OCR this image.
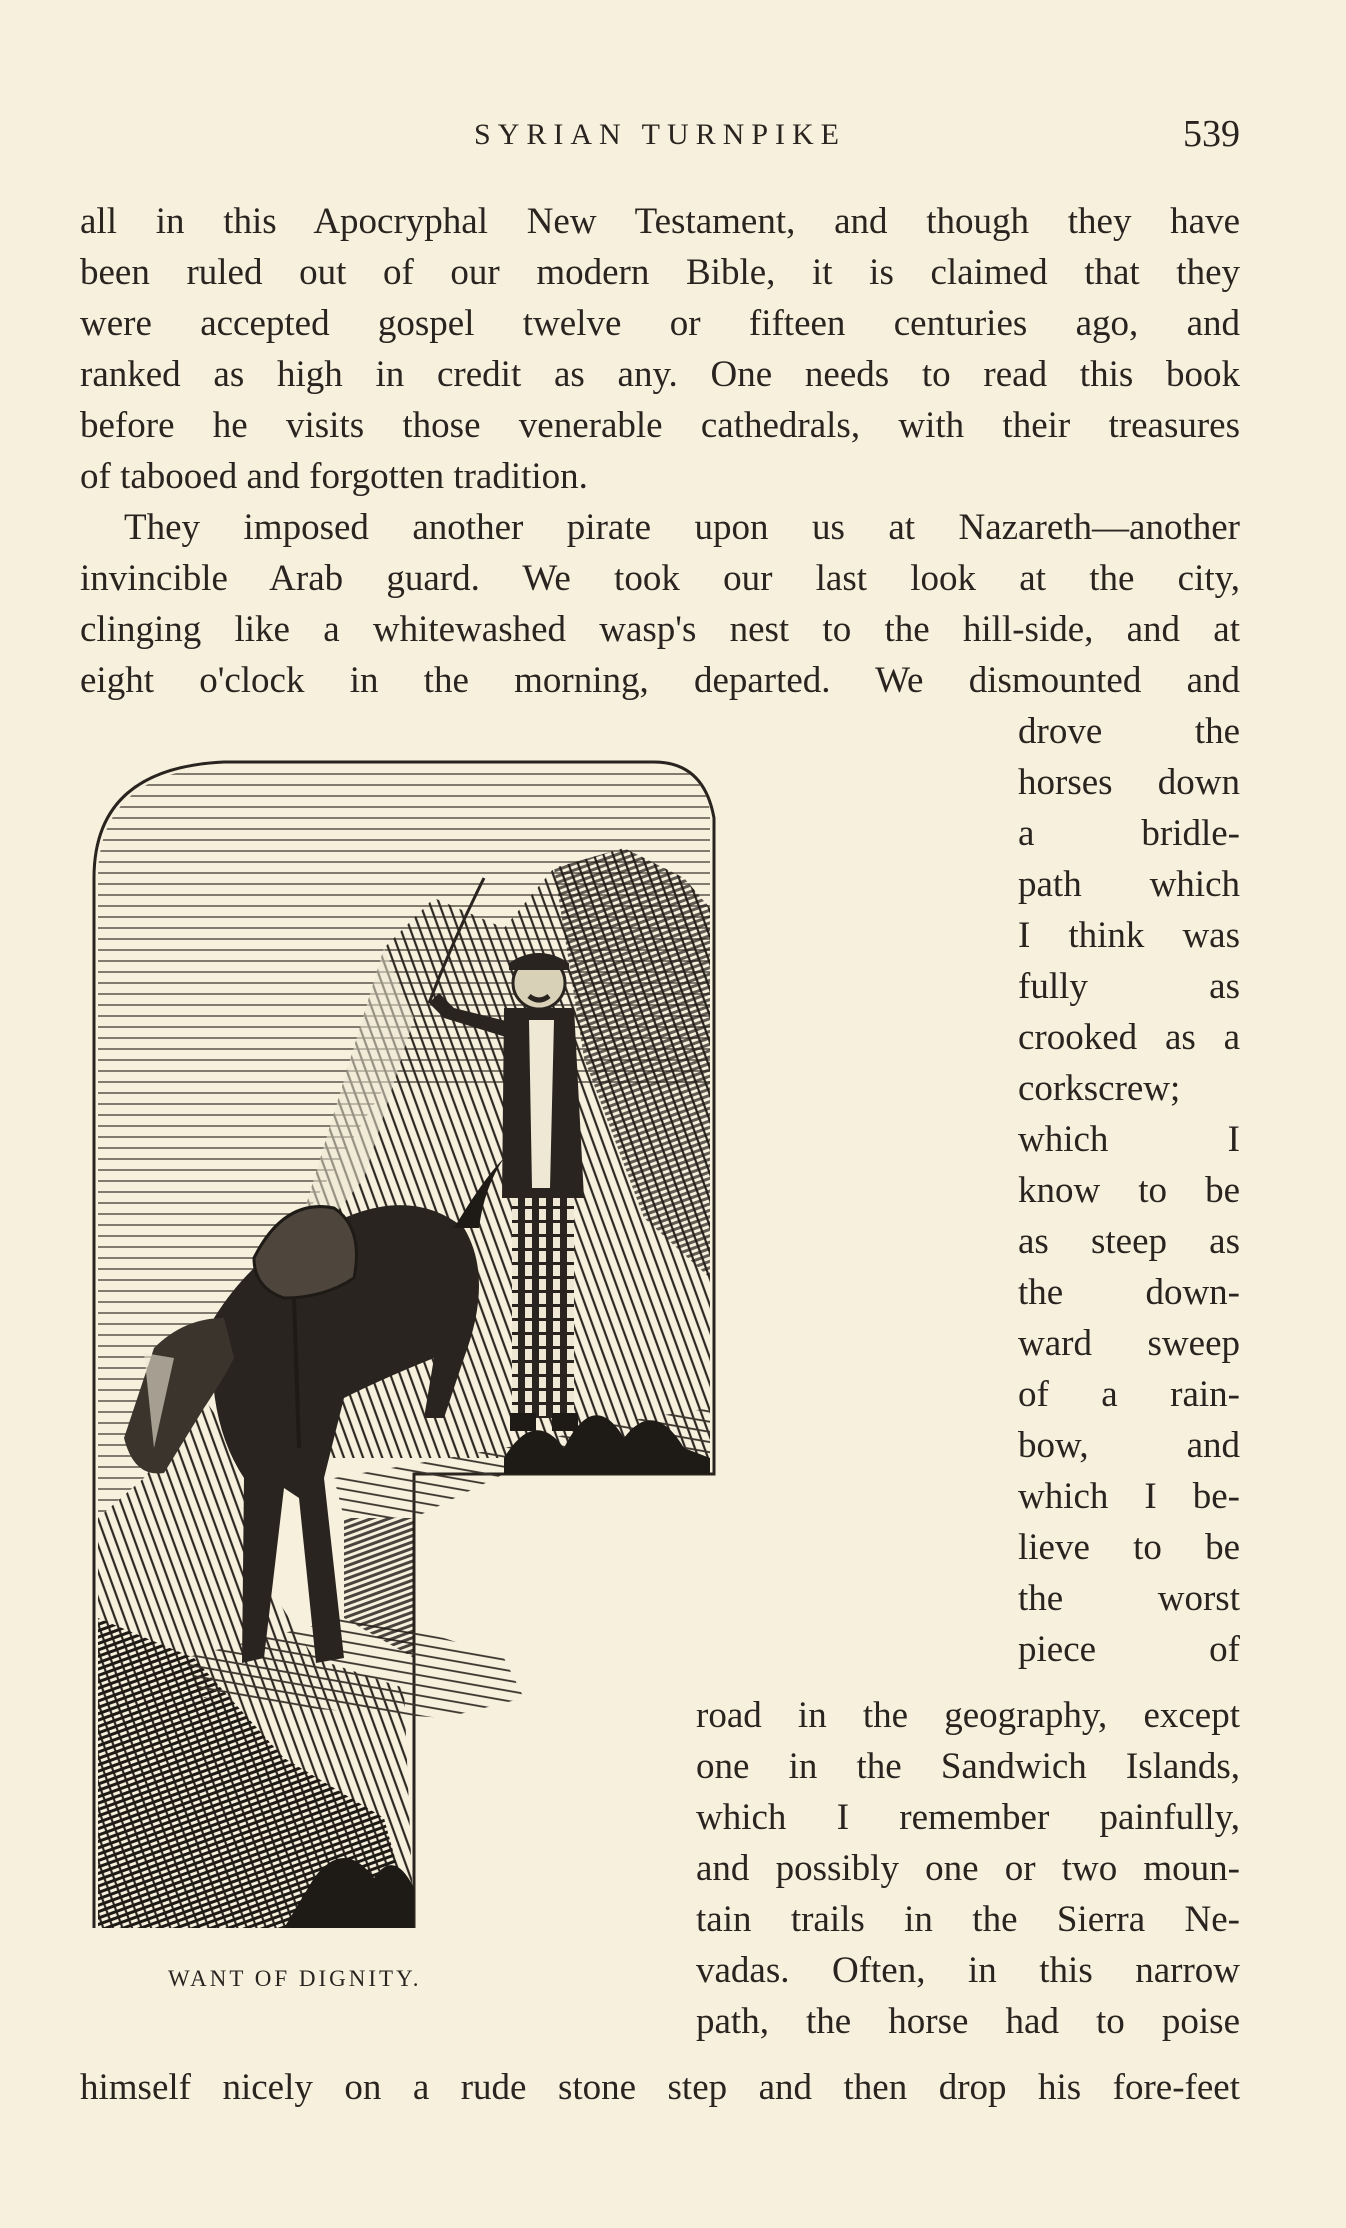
SYRIAN TURNPIKE	539

all in this Apocryphal New Testament, and though they have

been ruled out of our modern Bible, it is claimed that they

were accepted gospel twelve or fifteen centuries ago, and

ranked as high in credit as any. One needs to read this book

before he visits those venerable cathedrals, with their treasures

of tabooed and forgotten tradition.

They imposed another pirate upon us at Nazareth—another

invincible Arab guard. We took our last look at the city,

clinging like a whitewashed wasp's nest to the hill-side, and at

eight o'clock in the morning, departed. We dismounted and

drove the

horses down

a bridle-

path which

I think was

fully as

crooked as a

corkscrew;

which I

know to be

as steep as

the down-

ward sweep

of a rain-

bow, and

which I be-

lieve to be

the worst

piece of

road in the geography, except

one in the Sandwich Islands,

which I remember painfully,

and possibly one or two moun-

tain trails in the Sierra Ne-

vadas. Often, in this narrow

path, the horse had to poise

himself nicely on a rude stone step and then drop his fore-feet

WANT OF DIGNITY.
